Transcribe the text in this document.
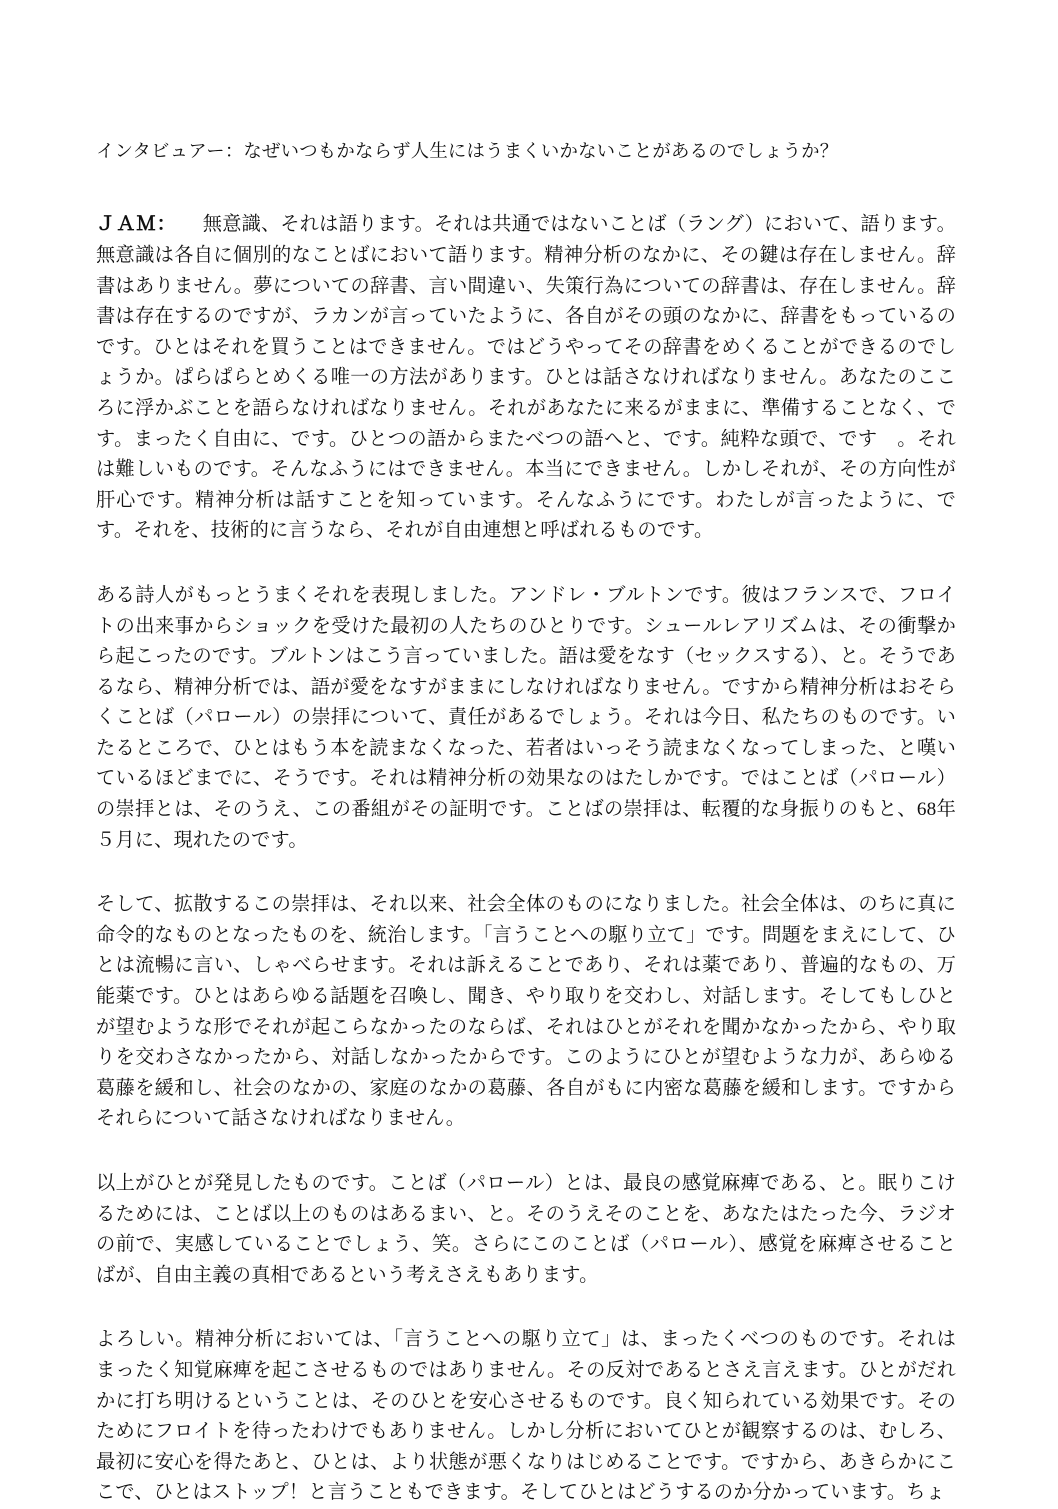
インタビュアー：なぜいつもかならず人生にはうまくいかないことがあるのでしょうか？

ＪＡＭ： 無意識、それは語ります。それは共通ではないことば（ラング）において、語ります。無意識は各自に個別的なことばにおいて語ります。精神分析のなかに、その鍵は存在しません。辞書はありません。夢についての辞書、言い間違い、失策行為についての辞書は、存在しません。辞書は存在するのですが、ラカンが言っていたように、各自がその頭のなかに、辞書をもっているのです。ひとはそれを買うことはできません。ではどうやってその辞書をめくることができるのでしょうか。ぱらぱらとめくる唯一の方法があります。ひとは話さなければなりません。あなたのこころに浮かぶことを語らなければなりません。それがあなたに来るがままに、準備することなく、です。まったく自由に、です。ひとつの語からまたべつの語へと、です。純粋な頭で、です　。それは難しいものです。そんなふうにはできません。本当にできません。しかしそれが、その方向性が肝心です。精神分析は話すことを知っています。そんなふうにです。わたしが言ったように、です。それを、技術的に言うなら、それが自由連想と呼ばれるものです。

ある詩人がもっとうまくそれを表現しました。アンドレ・ブルトンです。彼はフランスで、フロイトの出来事からショックを受けた最初の人たちのひとりです。シュールレアリズムは、その衝撃から起こったのです。ブルトンはこう言っていました。語は愛をなす（セックスする）、と。そうであるなら、精神分析では、語が愛をなすがままにしなければなりません。ですから精神分析はおそらくことば（パロール）の崇拝について、責任があるでしょう。それは今日、私たちのものです。いたるところで、ひとはもう本を読まなくなった、若者はいっそう読まなくなってしまった、と嘆いているほどまでに、そうです。それは精神分析の効果なのはたしかです。ではことば（パロール）の崇拝とは、そのうえ、この番組がその証明です。ことばの崇拝は、転覆的な身振りのもと、68年５月に、現れたのです。

そして、拡散するこの崇拝は、それ以来、社会全体のものになりました。社会全体は、のちに真に命令的なものとなったものを、統治します。「言うことへの駆り立て」です。問題をまえにして、ひとは流暢に言い、しゃべらせます。それは訴えることであり、それは薬であり、普遍的なもの、万能薬です。ひとはあらゆる話題を召喚し、聞き、やり取りを交わし、対話します。そしてもしひとが望むような形でそれが起こらなかったのならば、それはひとがそれを聞かなかったから、やり取りを交わさなかったから、対話しなかったからです。このようにひとが望むような力が、あらゆる葛藤を緩和し、社会のなかの、家庭のなかの葛藤、各自がもに内密な葛藤を緩和します。ですからそれらについて話さなければなりません。

以上がひとが発見したものです。ことば（パロール）とは、最良の感覚麻痺である、と。眠りこけるためには、ことば以上のものはあるまい、と。そのうえそのことを、あなたはたった今、ラジオの前で、実感していることでしょう、笑。さらにこのことば（パロール）、感覚を麻痺させることばが、自由主義の真相であるという考えさえもあります。

よろしい。精神分析においては、「言うことへの駆り立て」は、まったくべつのものです。それはまったく知覚麻痺を起こさせるものではありません。その反対であるとさえ言えます。ひとがだれかに打ち明けるということは、そのひとを安心させるものです。良く知られている効果です。そのためにフロイトを待ったわけでもありません。しかし分析においてひとが観察するのは、むしろ、最初に安心を得たあと、ひとは、より状態が悪くなりはじめることです。ですから、あきらかにここで、ひとはストップ！と言うこともできます。そしてひとはどうするのか分かっています。ちょ
